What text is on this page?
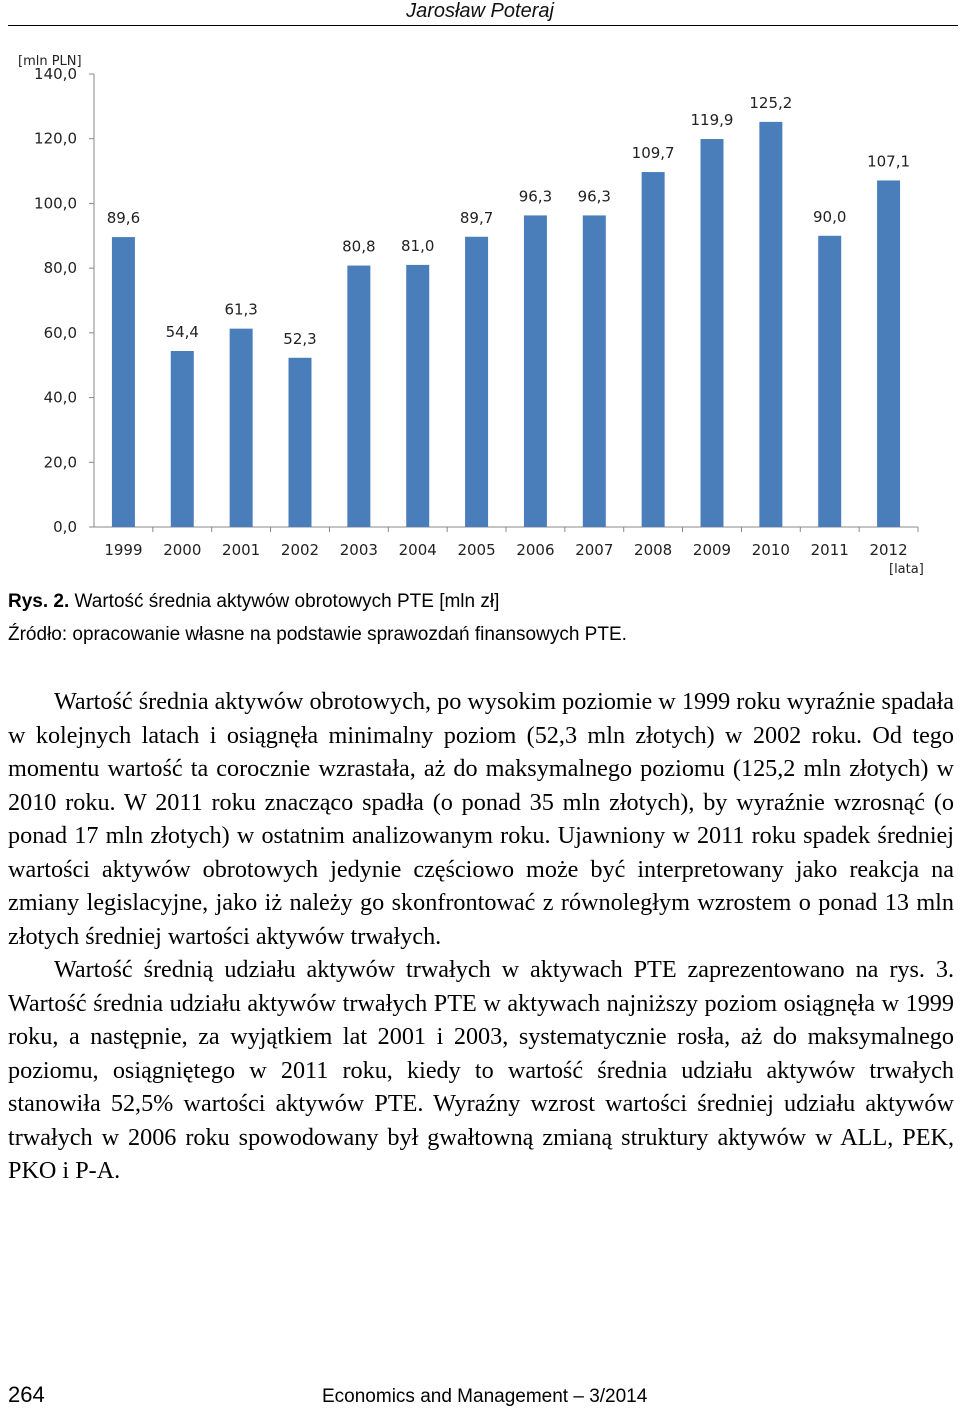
Jarosław Poteraj
[mln PLN]
[lata]
0,0
20,0
40,0
60,0
80,0
100,0
120,0
140,0
89,6
1999
54,4
2000
61,3
2001
52,3
2002
80,8
2003
81,0
2004
89,7
2005
96,3
2006
96,3
2007
109,7
2008
119,9
2009
125,2
2010
90,0
2011
107,1
2012
Rys. 2. Wartość średnia aktywów obrotowych PTE [mln zł]
Źródło: opracowanie własne na podstawie sprawozdań finansowych PTE.

Wartość średnia aktywów obrotowych, po wysokim poziomie w 1999 roku wyraźnie spadała w kolejnych latach i osiągnęła minimalny poziom (52,3 mln złotych) w 2002 roku. Od tego momentu wartość ta corocznie wzrastała, aż do maksymalnego poziomu (125,2 mln złotych) w 2010 roku. W 2011 roku znacząco spadła (o ponad 35 mln złotych), by wyraźnie wzrosnąć (o ponad 17 mln złotych) w ostatnim analizowanym roku. Ujawniony w 2011 roku spadek średniej wartości aktywów obrotowych jedynie częściowo może być interpretowany jako reakcja na zmiany legislacyjne, jako iż należy go skonfrontować z równoległym wzrostem o ponad 13 mln złotych średniej wartości aktywów trwałych.

Wartość średnią udziału aktywów trwałych w aktywach PTE zaprezentowano na rys. 3. Wartość średnia udziału aktywów trwałych PTE w aktywach najniższy poziom osiągnęła w 1999 roku, a następnie, za wyjątkiem lat 2001 i 2003, systematycznie rosła, aż do maksymalnego poziomu, osiągniętego w 2011 roku, kiedy to wartość średnia udziału aktywów trwałych stanowiła 52,5% wartości aktywów PTE. Wyraźny wzrost wartości średniej udziału aktywów trwałych w 2006 roku spowodowany był gwałtowną zmianą struktury aktywów w ALL, PEK, PKO i P-A.

264	Economics and Management – 3/2014
